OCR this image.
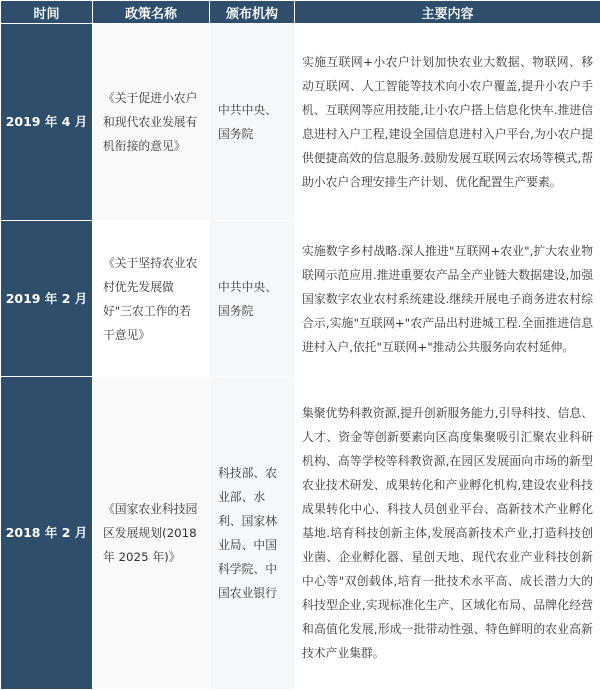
时间	政策名称	颁布机构	主要内容
2019 年 4 月	《关于促进小农户和现代农业发展有机衔接的意见》	中共中央、国务院	实施互联网+小农户计划加快农业大数据、物联网、移动互联网、人工智能等技术向小农户覆盖,提升小农户手机、互联网等应用技能,让小农户搭上信息化快车.推进信息进村入户工程,建设全国信息进村入户平台,为小农户提供便捷高效的信息服务.鼓励发展互联网云农场等模式,帮助小农户合理安排生产计划、优化配置生产要素。
2019 年 2 月	《关于坚持农业农村优先发展做好"三农工作的若干意见》	中共中央、国务院	实施数字乡村战略.深人推进"互联网+农业",扩大农业物联网示范应用.推进重要农产品全产业链大数据建设,加强国家数字农业农村系统建设.继续开展电子商务进农村综合示,实施"互联网+"农产品出村进城工程.全面推进信息进村入户,依托"互联网+"推动公共服务向农村延伸。
2018 年 2 月	《国家农业科技园区发展规划(2018 年 2025 年)》	科技部、农业部、水利、国家林业局、中国科学院、中国农业银行	集聚优势科教资源,提升创新服务能力,引导科技、信息、人才、资金等创新要素向区高度集聚吸引汇聚农业科研机构、高等学校等科教资源,在园区发展面向市场的新型农业技术研发、成果转化和产业孵化机构,建设农业科技成果转化中心、科技人员创业平台、高新技术产业孵化基地.培育科技创新主体,发展高新技术产业,打造科技创业菌、企业孵化器、星创天地、现代农业产业科技创新中心等"双创载体,培育一批技术水平高、成长潜力大的科技型企业,实现标准化生产、区域化布局、品牌化经营和高值化发展,形成一批带动性强、特色鲜明的农业高新技术产业集群。
